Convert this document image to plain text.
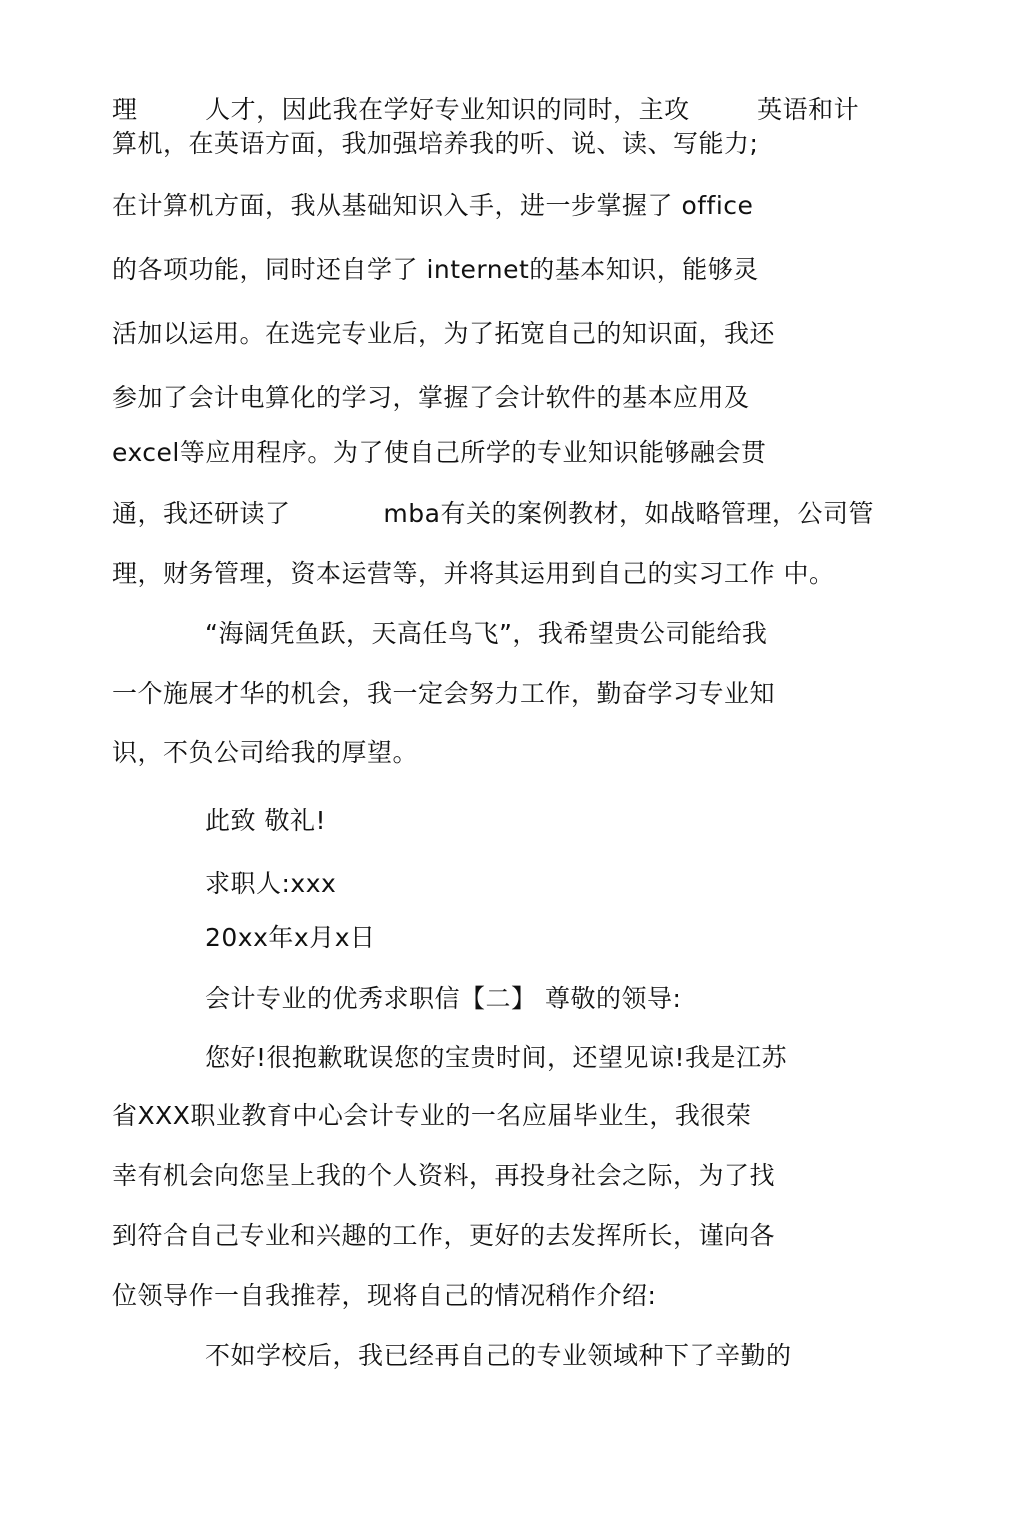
理        人才，因此我在学好专业知识的同时，主攻        英语和计
算机，在英语方面，我加强培养我的听、说、读、写能力;
在计算机方面，我从基础知识入手，进一步掌握了 office
的各项功能，同时还自学了 internet的基本知识，能够灵
活加以运用。在选完专业后，为了拓宽自己的知识面，我还
参加了会计电算化的学习，掌握了会计软件的基本应用及
excel等应用程序。为了使自己所学的专业知识能够融会贯
通，我还研读了           mba有关的案例教材，如战略管理，公司管
理，财务管理，资本运营等，并将其运用到自己的实习工作 中。
“海阔凭鱼跃，天高任鸟飞”，我希望贵公司能给我
一个施展才华的机会，我一定会努力工作，勤奋学习专业知
识，不负公司给我的厚望。
此致 敬礼!
求职人:xxx
20xx年x月x日
会计专业的优秀求职信【二】 尊敬的领导:
您好!很抱歉耽误您的宝贵时间，还望见谅!我是江苏
省XXX职业教育中心会计专业的一名应届毕业生，我很荣
幸有机会向您呈上我的个人资料，再投身社会之际，为了找
到符合自己专业和兴趣的工作，更好的去发挥所长，谨向各
位领导作一自我推荐，现将自己的情况稍作介绍:
不如学校后，我已经再自己的专业领域种下了辛勤的
